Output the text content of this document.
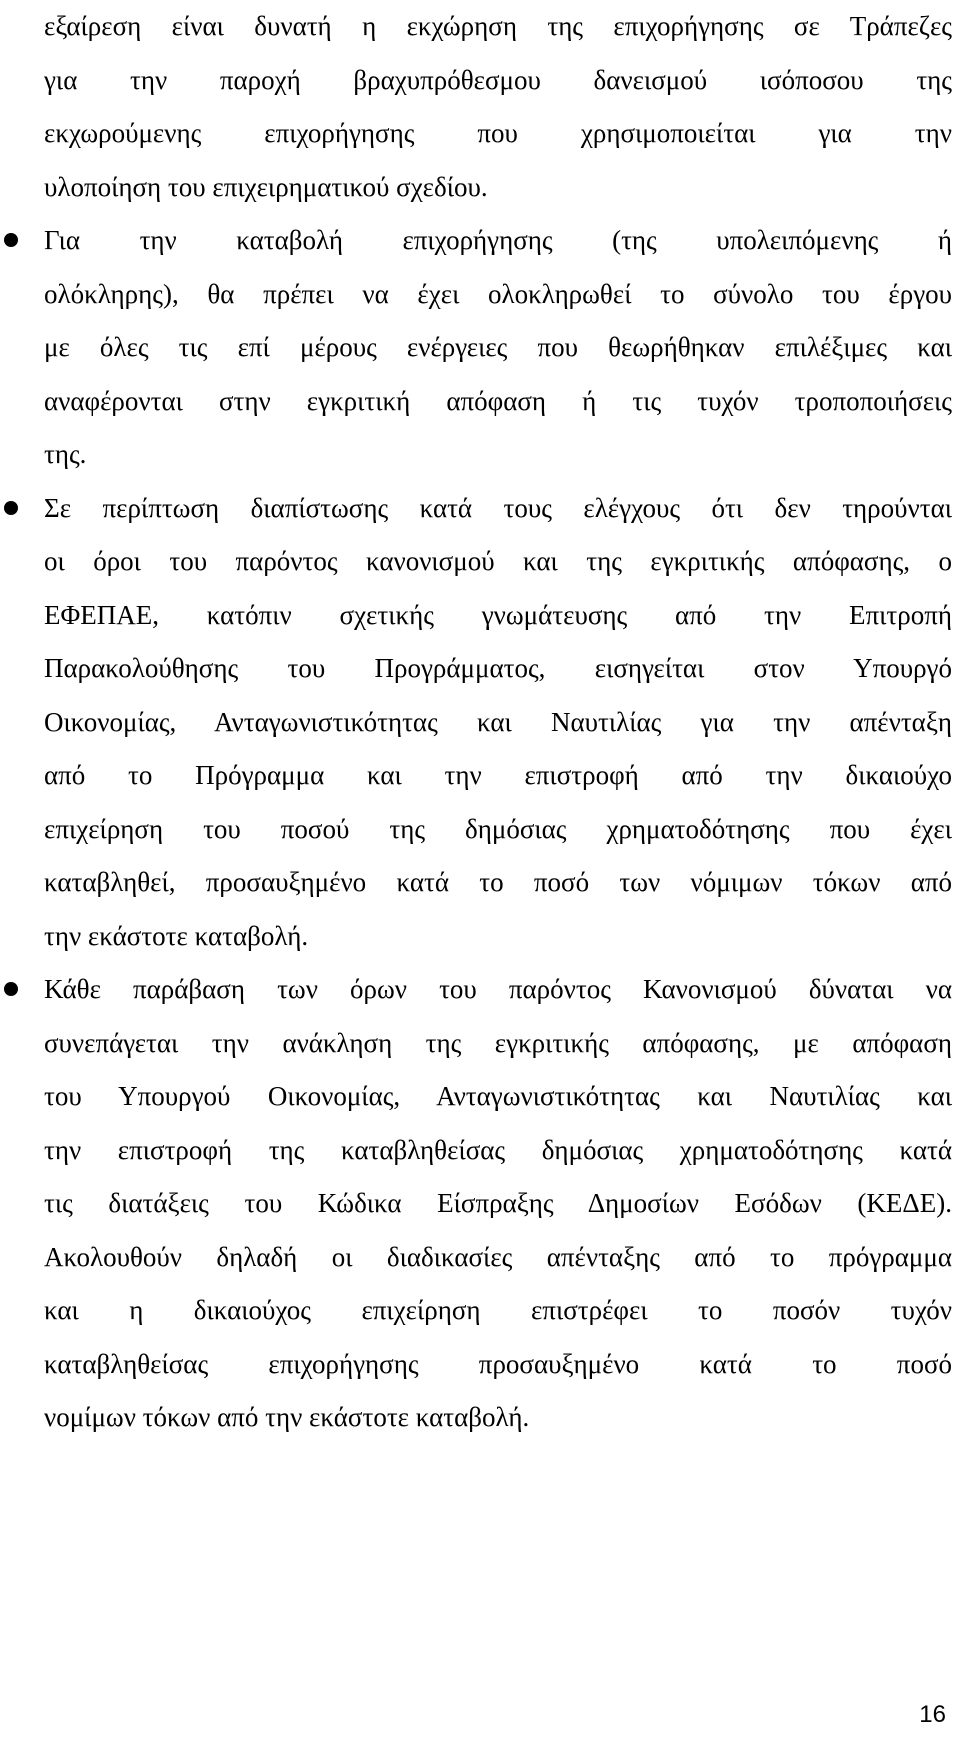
εξαίρεση είναι δυνατή η εκχώρηση της επιχορήγησης σε Τράπεζες
για την παροχή βραχυπρόθεσμου δανεισμού ισόποσου της
εκχωρούμενης επιχορήγησης που χρησιμοποιείται για την
υλοποίηση του επιχειρηματικού σχεδίου.
Για την καταβολή επιχορήγησης (της υπολειπόμενης ή
ολόκληρης), θα πρέπει να έχει ολοκληρωθεί το σύνολο του έργου
με όλες τις επί μέρους ενέργειες που θεωρήθηκαν επιλέξιμες και
αναφέρονται στην εγκριτική απόφαση ή τις τυχόν τροποποιήσεις
της.
Σε περίπτωση διαπίστωσης κατά τους ελέγχους ότι δεν τηρούνται
οι όροι του παρόντος κανονισμού και της εγκριτικής απόφασης, ο
ΕΦΕΠΑΕ, κατόπιν σχετικής γνωμάτευσης από την Επιτροπή
Παρακολούθησης του Προγράμματος, εισηγείται στον Υπουργό
Οικονομίας, Ανταγωνιστικότητας και Ναυτιλίας για την απένταξη
από το Πρόγραμμα και την επιστροφή από την δικαιούχο
επιχείρηση του ποσού της δημόσιας χρηματοδότησης που έχει
καταβληθεί, προσαυξημένο κατά το ποσό των νόμιμων τόκων από
την εκάστοτε καταβολή.
Κάθε παράβαση των όρων του παρόντος Κανονισμού δύναται να
συνεπάγεται την ανάκληση της εγκριτικής απόφασης, με απόφαση
του Υπουργού Οικονομίας, Ανταγωνιστικότητας και Ναυτιλίας και
την επιστροφή της καταβληθείσας δημόσιας χρηματοδότησης κατά
τις διατάξεις του Κώδικα Είσπραξης Δημοσίων Εσόδων (ΚΕΔΕ).
Ακολουθούν δηλαδή οι διαδικασίες απένταξης από το πρόγραμμα
και η δικαιούχος επιχείρηση επιστρέφει το ποσόν τυχόν
καταβληθείσας επιχορήγησης προσαυξημένο κατά το ποσό
νομίμων τόκων από την εκάστοτε καταβολή.
16
